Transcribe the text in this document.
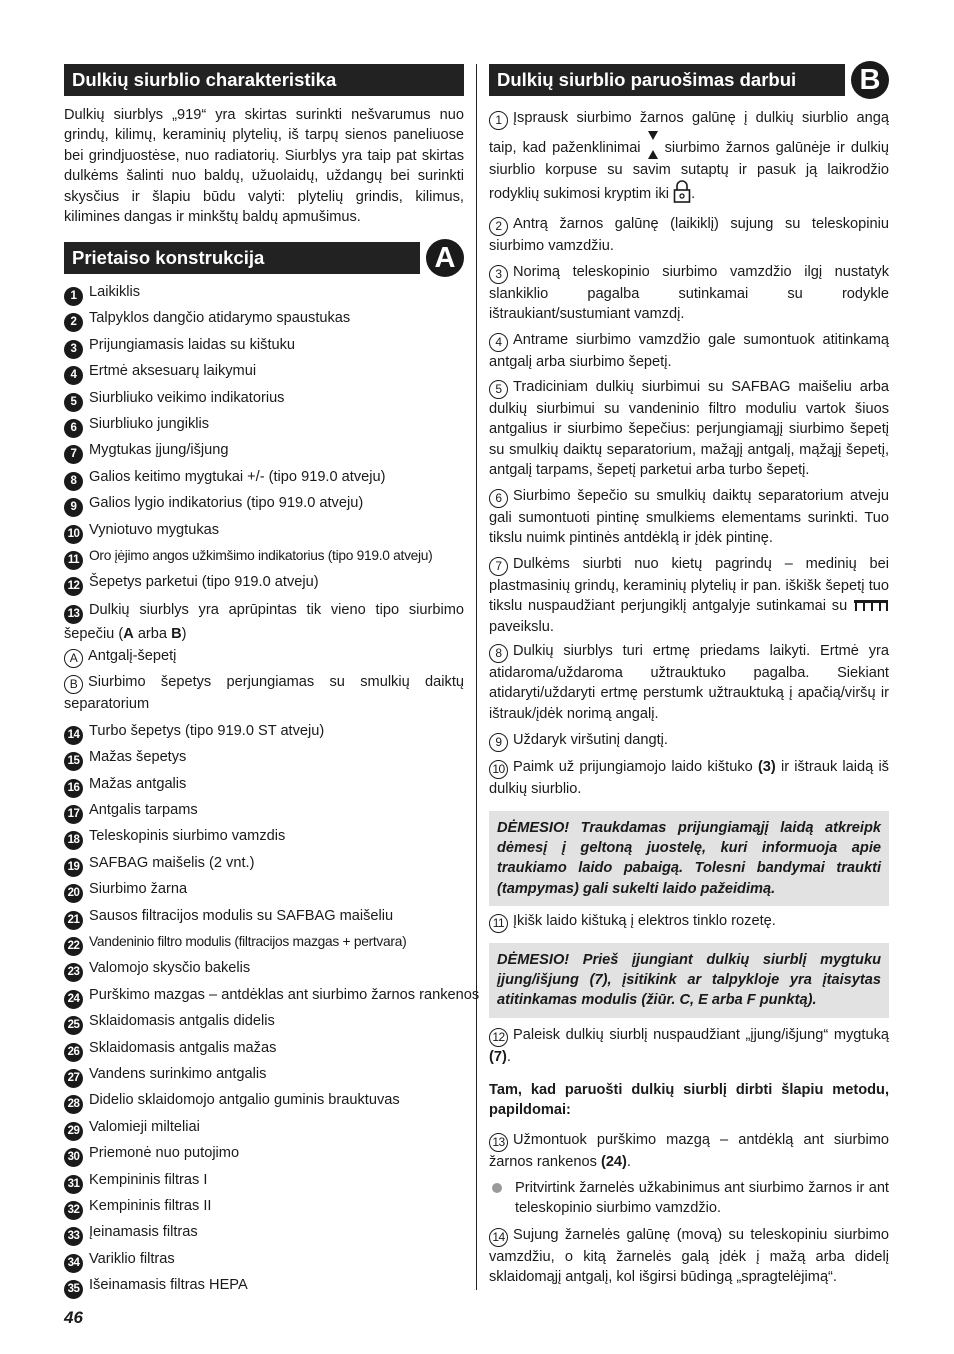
Dulkių siurblio charakteristika
Dulkių siurblys „919“ yra skirtas surinkti nešvarumus nuo grindų, kilimų, keraminių plytelių, iš tarpų sienos paneliuose bei grindjuostėse, nuo radiatorių. Siurblys yra taip pat skirtas dulkėms šalinti nuo baldų, užuolaidų, uždangų bei surinkti skysčius ir šlapiu būdu valyti: plytelių grindis, kilimus, kilimines dangas ir minkštų baldų apmušimus.
Prietaiso konstrukcija	A
1 Laikiklis
2 Talpyklos dangčio atidarymo spaustukas
3 Prijungiamasis laidas su kištuku
4 Ertmė aksesuarų laikymui
5 Siurbliuko veikimo indikatorius
6 Siurbliuko jungiklis
7 Mygtukas įjung/išjung
8 Galios keitimo mygtukai +/- (tipo 919.0 atveju)
9 Galios lygio indikatorius (tipo 919.0 atveju)
10 Vyniotuvo mygtukas
11 Oro įėjimo angos užkimšimo indikatorius (tipo 919.0 atveju)
12 Šepetys parketui (tipo 919.0 atveju)
13 Dulkių siurblys yra aprūpintas tik vieno tipo siurbimo šepečiu (A arba B)
A Antgalį-šepetį
B Siurbimo šepetys perjungiamas su smulkių daiktų separatorium
14 Turbo šepetys (tipo 919.0 ST atveju)
15 Mažas šepetys
16 Mažas antgalis
17 Antgalis tarpams
18 Teleskopinis siurbimo vamzdis
19 SAFBAG maišelis (2 vnt.)
20 Siurbimo žarna
21 Sausos filtracijos modulis su SAFBAG maišeliu
22 Vandeninio filtro modulis (filtracijos mazgas + pertvara)
23 Valomojo skysčio bakelis
24 Purškimo mazgas – antdėklas ant siurbimo žarnos rankenos
25 Sklaidomasis antgalis didelis
26 Sklaidomasis antgalis mažas
27 Vandens surinkimo antgalis
28 Didelio sklaidomojo antgalio guminis brauktuvas
29 Valomieji milteliai
30 Priemonė nuo putojimo
31 Kempininis filtras I
32 Kempininis filtras II
33 Įeinamasis filtras
34 Variklio filtras
35 Išeinamasis filtras HEPA
Dulkių siurblio paruošimas darbui	B
1 Įsprausk siurbimo žarnos galūnę į dulkių siurblio angą taip, kad paženklinimai siurbimo žarnos galūnėje ir dulkių siurblio korpuse su savim sutaptų ir pasuk ją laikrodžio rodyklių sukimosi kryptim iki .
2 Antrą žarnos galūnę (laikiklį) sujung su teleskopiniu siurbimo vamzdžiu.
3 Norimą teleskopinio siurbimo vamzdžio ilgį nustatyk slankiklio pagalba sutinkamai su rodykle ištraukiant/sustumiant vamzdį.
4 Antrame siurbimo vamzdžio gale sumontuok atitinkamą antgalį arba siurbimo šepetį.
5 Tradiciniam dulkių siurbimui su SAFBAG maišeliu arba dulkių siurbimui su vandeninio filtro moduliu vartok šiuos antgalius ir siurbimo šepečius: perjungiamąjį siurbimo šepetį su smulkių daiktų separatorium, mažąjį antgalį, mąžąjį šepetį, antgalį tarpams, šepetį parketui arba turbo šepetį.
6 Siurbimo šepečio su smulkių daiktų separatorium atveju gali sumontuoti pintinę smulkiems elementams surinkti. Tuo tikslu nuimk pintinės antdėklą ir įdėk pintinę.
7 Dulkėms siurbti nuo kietų pagrindų – medinių bei plastmasinių grindų, keraminių plytelių ir pan. iškišk šepetį tuo tikslu nuspaudžiant perjungiklį antgalyje sutinkamai su  paveikslu.
8 Dulkių siurblys turi ertmę priedams laikyti. Ertmė yra atidaroma/uždaroma užtrauktuko pagalba. Siekiant atidaryti/uždaryti ertmę perstumk užtrauktuką į apačią/viršų ir ištrauk/įdėk norimą angalį.
9 Uždaryk viršutinį dangtį.
10 Paimk už prijungiamojo laido kištuko (3) ir ištrauk laidą iš dulkių siurblio.
DĖMESIO! Traukdamas prijungiamąjį laidą atkreipk dėmesį į geltoną juostelę, kuri informuoja apie traukiamo laido pabaigą. Tolesni bandymai traukti (tampymas) gali sukelti laido pažeidimą.
11 Įkišk laido kištuką į elektros tinklo rozetę.
DĖMESIO! Prieš įjungiant dulkių siurblį mygtuku įjung/išjung (7), įsitikink ar talpykloje yra įtaisytas atitinkamas modulis (žiūr. C, E arba F punktą).
12 Paleisk dulkių siurblį nuspaudžiant „įjung/išjung“ mygtuką (7).
Tam, kad paruošti dulkių siurblį dirbti šlapiu metodu, papildomai:
13 Užmontuok purškimo mazgą – antdėklą ant siurbimo žarnos rankenos (24).
Pritvirtink žarnelės užkabinimus ant siurbimo žarnos ir ant teleskopinio siurbimo vamzdžio.
14 Sujung žarnelės galūnę (movą) su teleskopiniu siurbimo vamzdžiu, o kitą žarnelės galą įdėk į mažą arba didelį sklaidomąjį antgalį, kol išgirsi būdingą „spragtelėjimą“.
46
